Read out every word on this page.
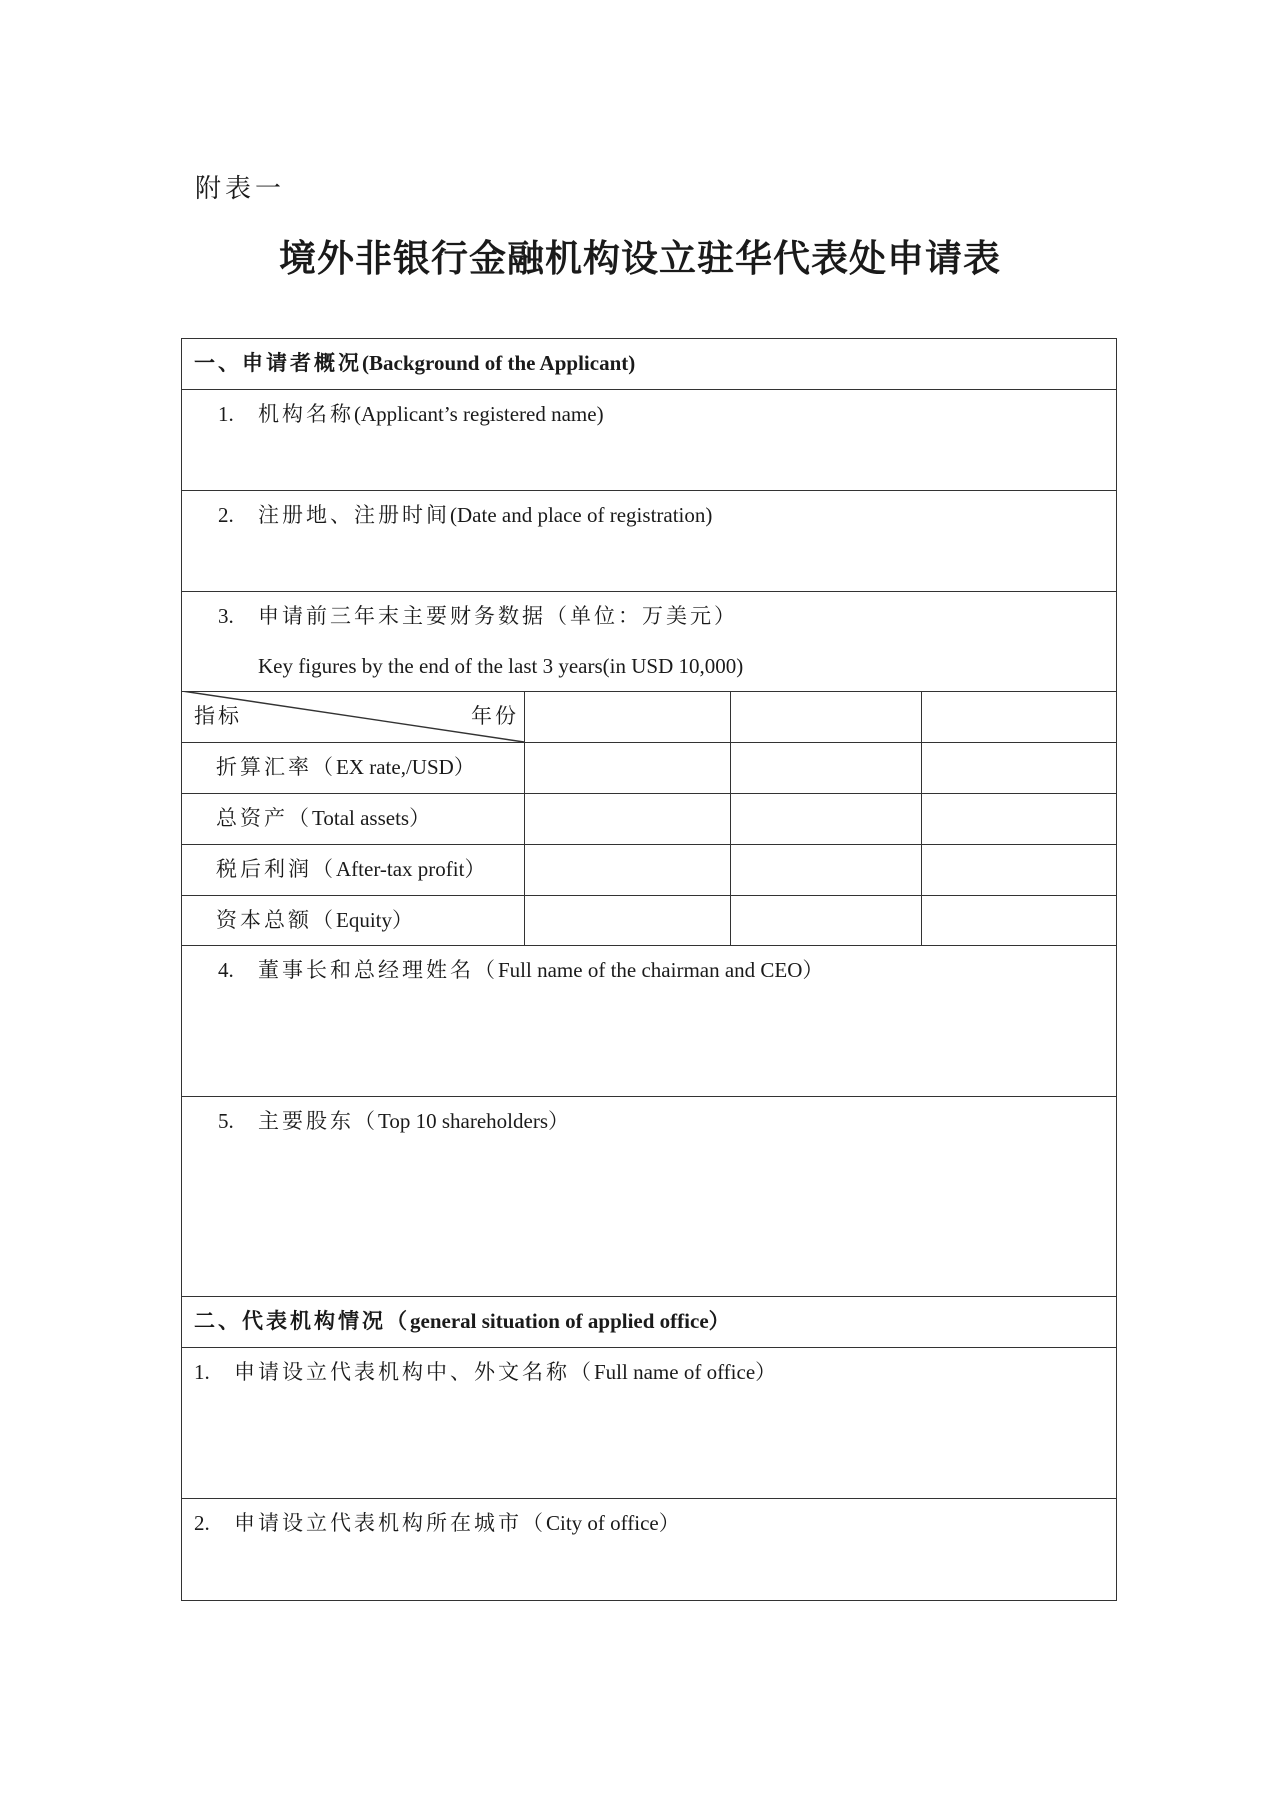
附表一
境外非银行金融机构设立驻华代表处申请表
一、申请者概况(Background of the Applicant)
1. 机构名称(Applicant’s registered name)
2. 注册地、注册时间(Date and place of registration)
3. 申请前三年末主要财务数据（单位：万美元）
Key figures by the end of the last 3 years(in USD 10,000)
指标	年份
折算汇率（EX rate,/USD）
总资产（Total assets）
税后利润（After-tax profit）
资本总额（Equity）
4. 董事长和总经理姓名（Full name of the chairman and CEO）
5. 主要股东（Top 10 shareholders）
二、代表机构情况（general situation of applied office）
1. 申请设立代表机构中、外文名称（Full name of office）
2. 申请设立代表机构所在城市（City of office）
